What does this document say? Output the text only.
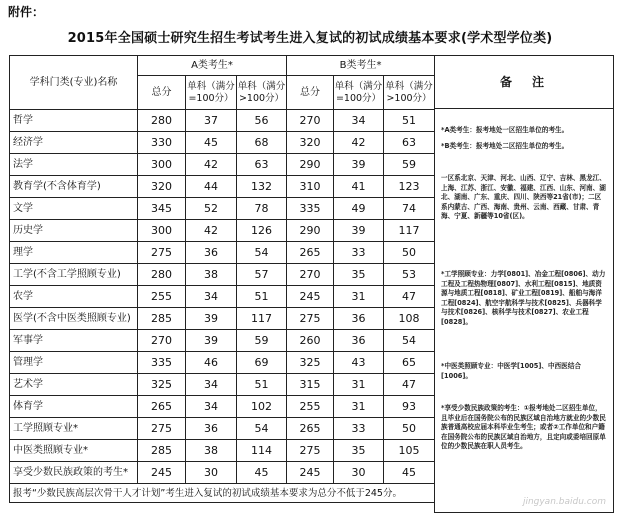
附件：
2015年全国硕士研究生招生考试考生进入复试的初试成绩基本要求(学术型学位类)
学科门类(专业)名称	A类考生*			B类考生*		
	总分	单科（满分=100分）	单科（满分>100分）	总分	单科（满分=100分）	单科（满分>100分）
哲学	280	37	56	270	34	51
经济学	330	45	68	320	42	63
法学	300	42	63	290	39	59
教育学(不含体育学)	320	44	132	310	41	123
文学	345	52	78	335	49	74
历史学	300	42	126	290	39	117
理学	275	36	54	265	33	50
工学(不含工学照顾专业)	280	38	57	270	35	53
农学	255	34	51	245	31	47
医学(不含中医类照顾专业)	285	39	117	275	36	108
军事学	270	39	59	260	36	54
管理学	335	46	69	325	43	65
艺术学	325	34	51	315	31	47
体育学	265	34	102	255	31	93
工学照顾专业*	275	36	54	265	33	50
中医类照顾专业*	285	38	114	275	35	105
享受少数民族政策的考生*	245	30	45	245	30	45
报考“少数民族高层次骨干人才计划”考生进入复试的初试成绩基本要求为总分不低于245分。						
备　注

*A类考生：报考地处一区招生单位的考生。

*B类考生：报考地处二区招生单位的考生。

一区系北京、天津、河北、山西、辽宁、吉林、黑龙江、上海、江苏、浙江、安徽、福建、江西、山东、河南、湖北、湖南、广东、重庆、四川、陕西等21省(市)；二区系内蒙古、广西、海南、贵州、云南、西藏、甘肃、青海、宁夏、新疆等10省(区)。
*工学照顾专业：力学[0801]、冶金工程[0806]、动力工程及工程热物理[0807]、水利工程[0815]、地质资源与地质工程[0818]、矿业工程[0819]、船舶与海洋工程[0824]、航空宇航科学与技术[0825]、兵器科学与技术[0826]、核科学与技术[0827]、农业工程[0828]。
*中医类照顾专业：中医学[1005]、中西医结合[1006]。
*享受少数民族政策的考生：①报考地处二区招生单位，且毕业后在国务院公布的民族区域自治地方就业的少数民族普通高校应届本科毕业生考生；或者②工作单位和户籍在国务院公布的民族区域自治地方，且定向或委培回原单位的少数民族在职人员考生。
jingyan.baidu.com
